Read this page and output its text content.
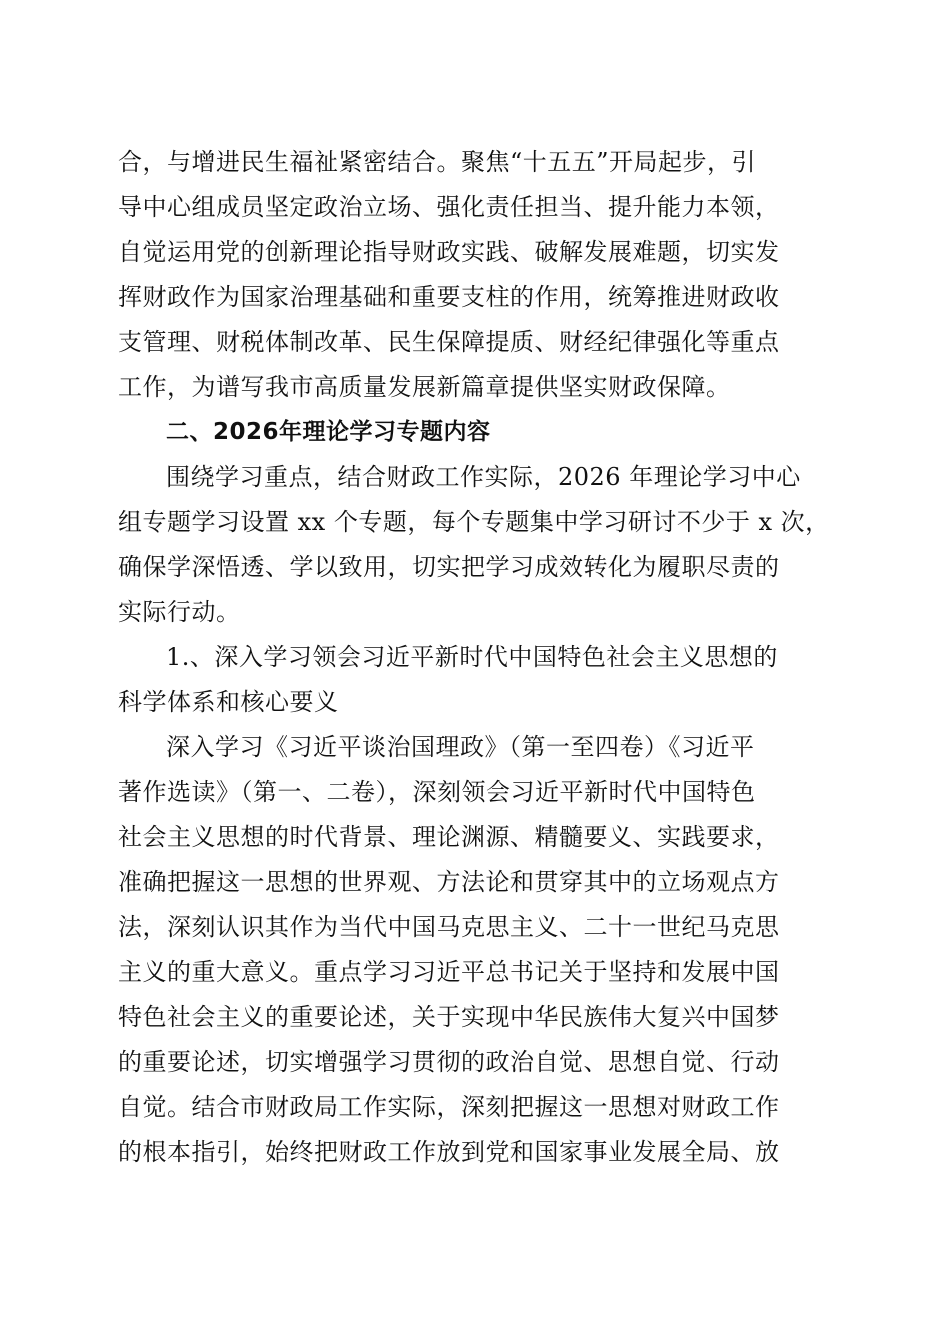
合，与增进民生福祉紧密结合。聚焦“十五五”开局起步，引
导中心组成员坚定政治立场、强化责任担当、提升能力本领，
自觉运用党的创新理论指导财政实践、破解发展难题，切实发
挥财政作为国家治理基础和重要支柱的作用，统筹推进财政收
支管理、财税体制改革、民生保障提质、财经纪律强化等重点
工作，为谱写我市高质量发展新篇章提供坚实财政保障。
二、2026年理论学习专题内容
围绕学习重点，结合财政工作实际，2026 年理论学习中心
组专题学习设置 xx 个专题，每个专题集中学习研讨不少于 x 次，
确保学深悟透、学以致用，切实把学习成效转化为履职尽责的
实际行动。
1.、深入学习领会习近平新时代中国特色社会主义思想的
科学体系和核心要义
深入学习《习近平谈治国理政》（第一至四卷）《习近平
著作选读》（第一、二卷），深刻领会习近平新时代中国特色
社会主义思想的时代背景、理论渊源、精髓要义、实践要求，
准确把握这一思想的世界观、方法论和贯穿其中的立场观点方
法，深刻认识其作为当代中国马克思主义、二十一世纪马克思
主义的重大意义。重点学习习近平总书记关于坚持和发展中国
特色社会主义的重要论述，关于实现中华民族伟大复兴中国梦
的重要论述，切实增强学习贯彻的政治自觉、思想自觉、行动
自觉。结合市财政局工作实际，深刻把握这一思想对财政工作
的根本指引，始终把财政工作放到党和国家事业发展全局、放
